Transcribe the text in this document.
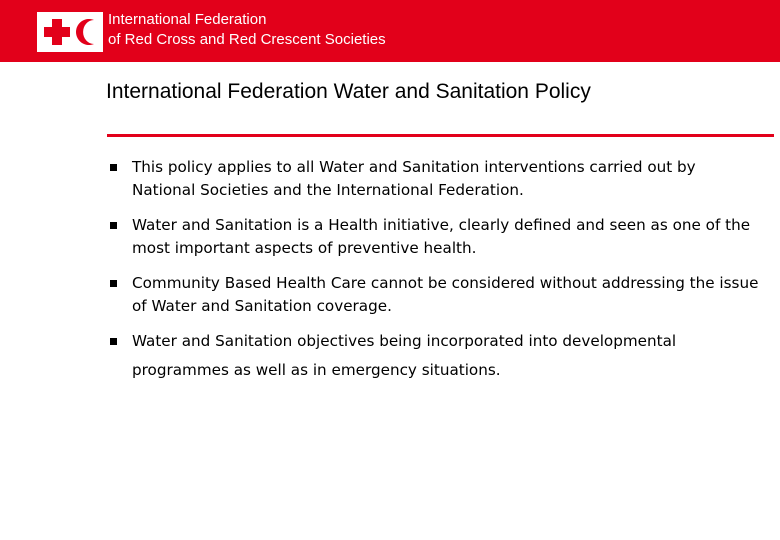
International Federation
of Red Cross and Red Crescent Societies
International Federation Water and Sanitation Policy
This policy applies to all Water and Sanitation interventions carried out by National Societies and the International Federation.
Water and Sanitation is a Health initiative, clearly defined and seen as one of the most important aspects of preventive health.
Community Based Health Care cannot be considered without addressing the issue of Water and Sanitation coverage.
Water and Sanitation objectives being incorporated into developmental programmes as well as in emergency situations.
